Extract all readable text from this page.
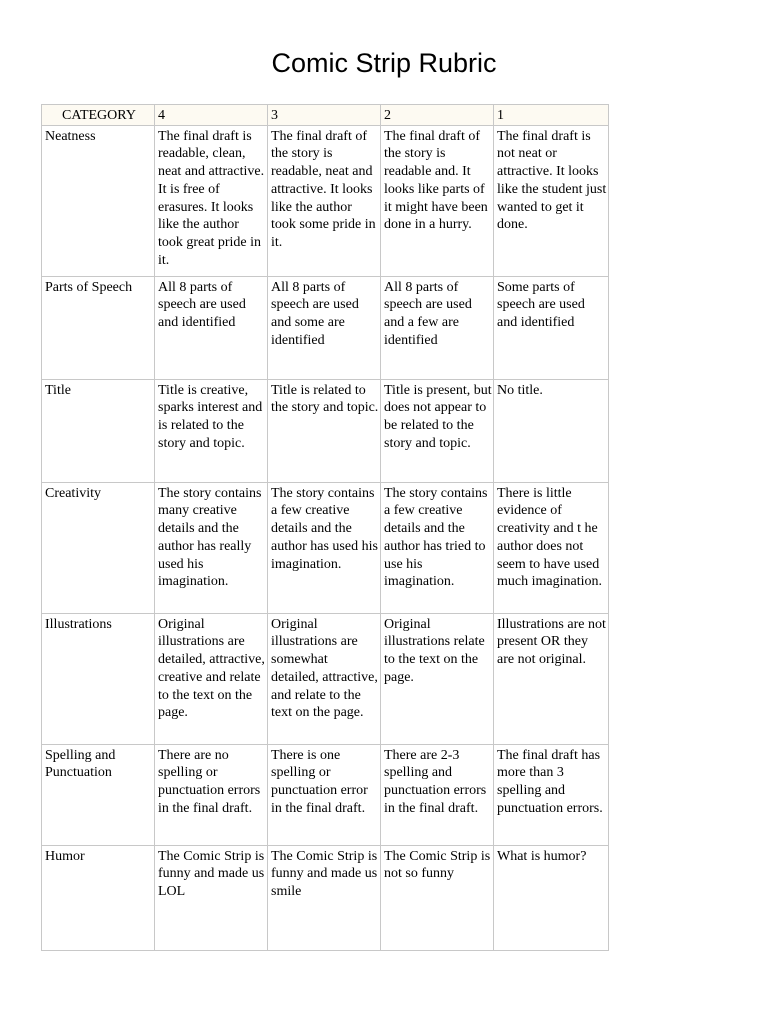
Comic Strip Rubric
CATEGORY	4	3	2	1
Neatness	The final draft is readable, clean, neat and attractive. It is free of erasures. It looks like the author took great pride in it.	The final draft of the story is readable, neat and attractive. It looks like the author took some pride in it.	The final draft of the story is readable and. It looks like parts of it might have been done in a hurry.	The final draft is not neat or attractive. It looks like the student just wanted to get it done.
Parts of Speech	All 8 parts of speech are used and identified	All 8 parts of speech are used and some are identified	All 8 parts of speech are used and a few are identified	Some parts of speech are used and identified
Title	Title is creative, sparks interest and is related to the story and topic.	Title is related to the story and topic.	Title is present, but does not appear to be related to the story and topic.	No title.
Creativity	The story contains many creative details and the author has really used his imagination.	The story contains a few creative details and the author has used his imagination.	The story contains a few creative details and the author has tried to use his imagination.	There is little evidence of creativity and t he author does not seem to have used much imagination.
Illustrations	Original illustrations are detailed, attractive, creative and relate to the text on the page.	Original illustrations are somewhat detailed, attractive, and relate to the text on the page.	Original illustrations relate to the text on the page.	Illustrations are not present OR they are not original.
Spelling and Punctuation	There are no spelling or punctuation errors in the final draft.	There is one spelling or punctuation error in the final draft.	There are 2-3 spelling and punctuation errors in the final draft.	The final draft has more than 3 spelling and punctuation errors.
Humor	The Comic Strip is funny and made us LOL	The Comic Strip is funny and made us smile	The Comic Strip is not so funny	What is humor?
